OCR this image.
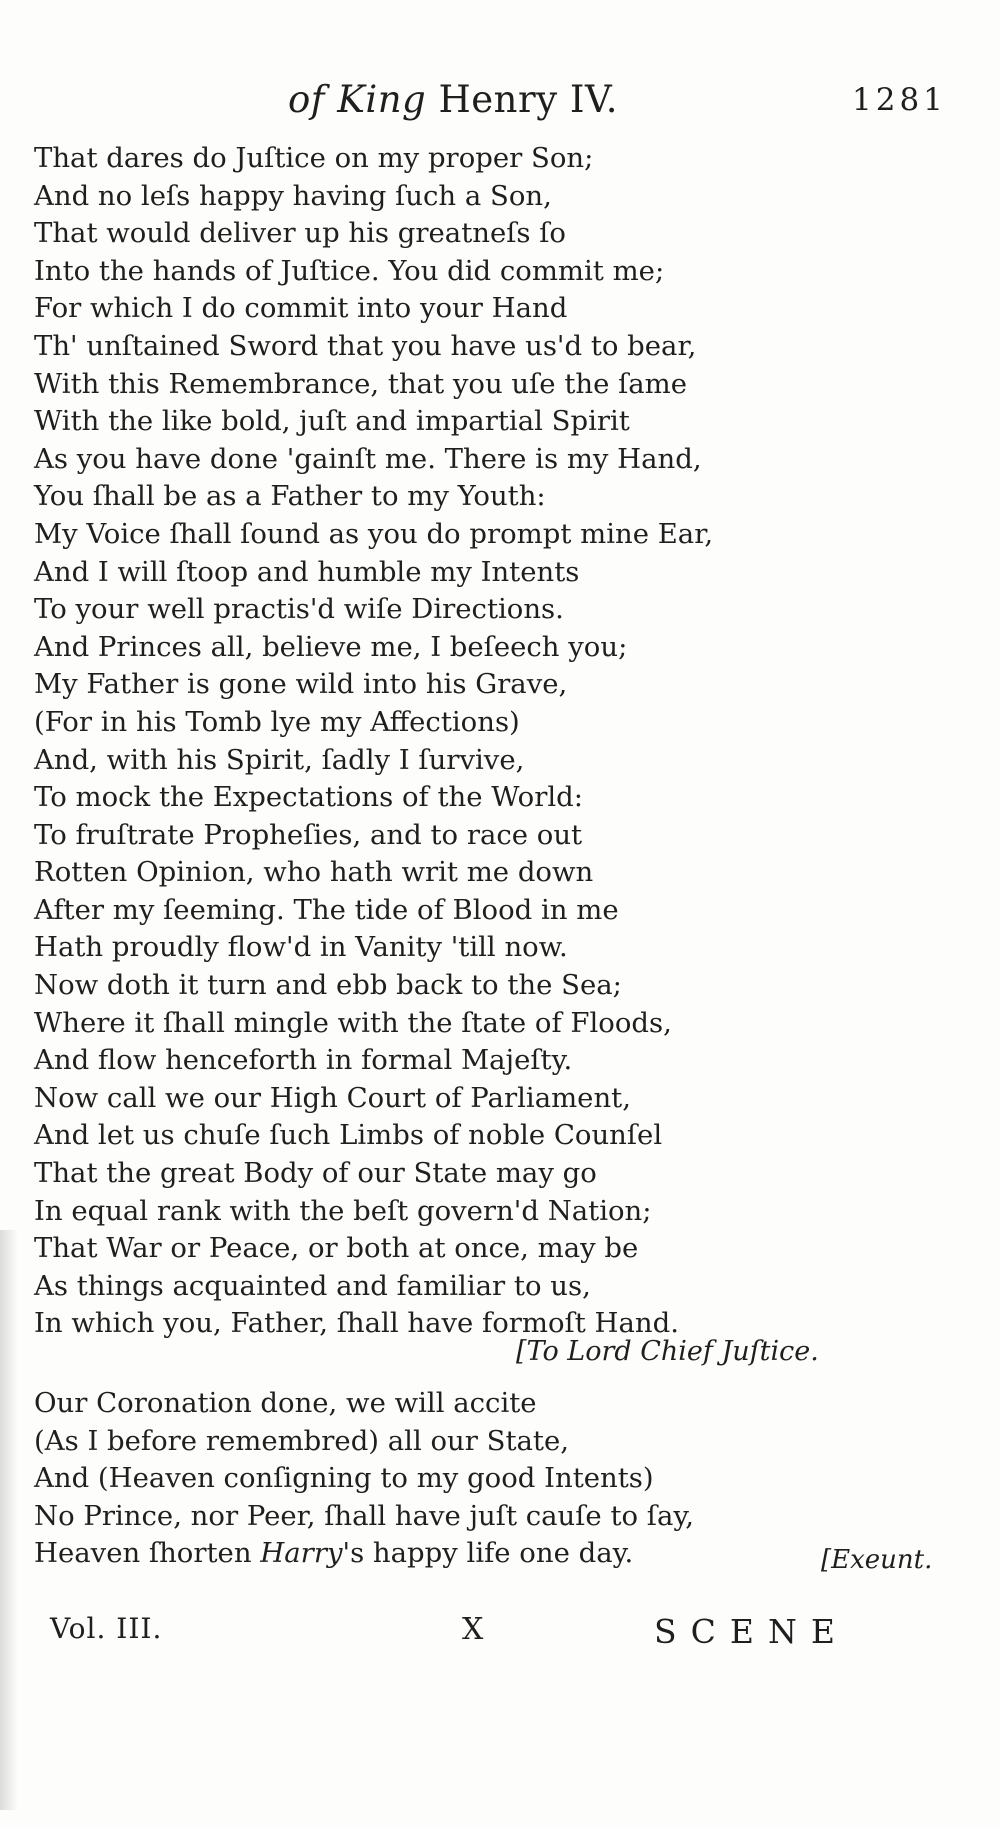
of King Henry IV.	1281
That dares do Juſtice on my proper Son;
And no leſs happy having ſuch a Son,
That would deliver up his greatneſs ſo
Into the hands of Juſtice. You did commit me;
For which I do commit into your Hand
Th' unſtained Sword that you have us'd to bear,
With this Remembrance, that you uſe the ſame
With the like bold, juſt and impartial Spirit
As you have done 'gainſt me. There is my Hand,
You ſhall be as a Father to my Youth:
My Voice ſhall ſound as you do prompt mine Ear,
And I will ſtoop and humble my Intents
To your well practis'd wiſe Directions.
And Princes all, believe me, I beſeech you;
My Father is gone wild into his Grave,
(For in his Tomb lye my Affections)
And, with his Spirit, ſadly I ſurvive,
To mock the Expectations of the World:
To fruſtrate Propheſies, and to race out
Rotten Opinion, who hath writ me down
After my ſeeming. The tide of Blood in me
Hath proudly flow'd in Vanity 'till now.
Now doth it turn and ebb back to the Sea;
Where it ſhall mingle with the ſtate of Floods,
And flow henceforth in formal Majeſty.
Now call we our High Court of Parliament,
And let us chuſe ſuch Limbs of noble Counſel
That the great Body of our State may go
In equal rank with the beſt govern'd Nation;
That War or Peace, or both at once, may be
As things acquainted and familiar to us,
In which you, Father, ſhall have formoſt Hand.
[To Lord Chief Juſtice.
Our Coronation done, we will accite
(As I before remembred) all our State,
And (Heaven conſigning to my good Intents)
No Prince, nor Peer, ſhall have juſt cauſe to ſay,
Heaven ſhorten Harry's happy life one day.	[Exeunt.
Vol. III.	X	SCENE
